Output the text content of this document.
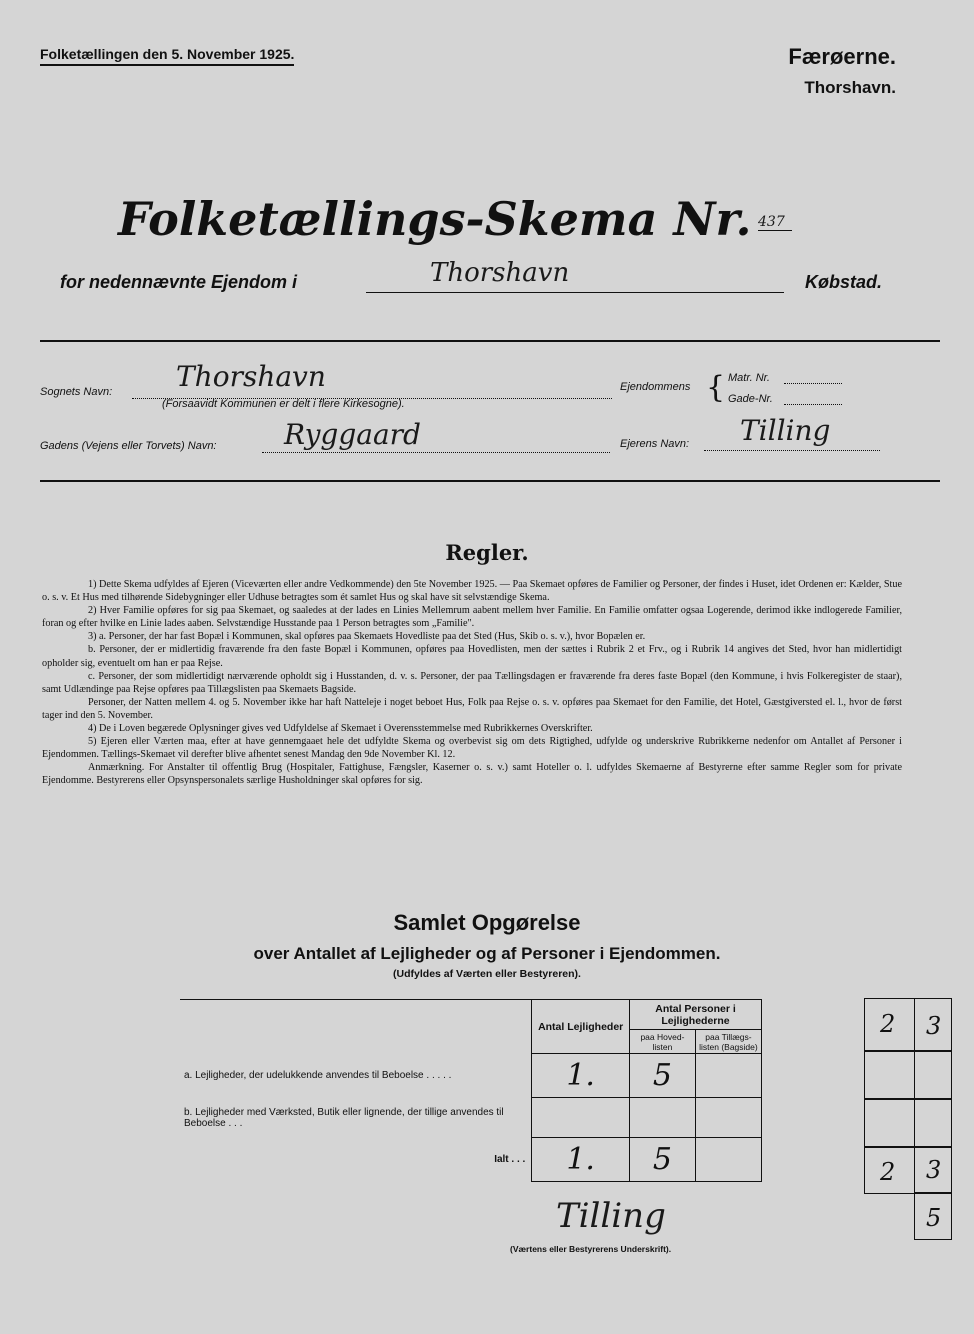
Folketællingen den 5. November 1925.	Færøerne.
Thorshavn.
Folketællings-Skema Nr. 437
for nedennævnte Ejendom i	Thorshavn	Købstad.
Sognets Navn: Thorshavn
(Forsaavidt Kommunen er delt i flere Kirkesogne).
Ejendommens { Matr. Nr.
Gade-Nr.
Gadens (Vejens eller Torvets) Navn: Ryggaard	Ejerens Navn: Tilling
Regler.

1) Dette Skema udfyldes af Ejeren (Viceværten eller andre Vedkommende) den 5te November 1925. — Paa Skemaet opføres de Familier og Personer, der findes i Huset, idet Ordenen er: Kælder, Stue o. s. v. Et Hus med tilhørende Sidebygninger eller Udhuse betragtes som ét samlet Hus og skal have sit selvstændige Skema.

2) Hver Familie opføres for sig paa Skemaet, og saaledes at der lades en Linies Mellemrum aabent mellem hver Familie. En Familie omfatter ogsaa Logerende, derimod ikke indlogerede Familier, foran og efter hvilke en Linie lades aaben. Selvstændige Husstande paa 1 Person betragtes som „Familie".

3) a. Personer, der har fast Bopæl i Kommunen, skal opføres paa Skemaets Hovedliste paa det Sted (Hus, Skib o. s. v.), hvor Bopælen er.

b. Personer, der er midlertidig fraværende fra den faste Bopæl i Kommunen, opføres paa Hovedlisten, men der sættes i Rubrik 2 et Frv., og i Rubrik 14 angives det Sted, hvor han midlertidigt opholder sig, eventuelt om han er paa Rejse.

c. Personer, der som midlertidigt nærværende opholdt sig i Husstanden, d. v. s. Personer, der paa Tællingsdagen er fraværende fra deres faste Bopæl (den Kommune, i hvis Folkeregister de staar), samt Udlændinge paa Rejse opføres paa Tillægslisten paa Skemaets Bagside.

Personer, der Natten mellem 4. og 5. November ikke har haft Natteleje i noget beboet Hus, Folk paa Rejse o. s. v. opføres paa Skemaet for den Familie, det Hotel, Gæstgiversted el. l., hvor de først tager ind den 5. November.

4) De i Loven begærede Oplysninger gives ved Udfyldelse af Skemaet i Overensstemmelse med Rubrikkernes Overskrifter.

5) Ejeren eller Værten maa, efter at have gennemgaaet hele det udfyldte Skema og overbevist sig om dets Rigtighed, udfylde og underskrive Rubrikkerne nedenfor om Antallet af Personer i Ejendommen. Tællings-Skemaet vil derefter blive afhentet senest Mandag den 9de November Kl. 12.

Anmærkning. For Anstalter til offentlig Brug (Hospitaler, Fattighuse, Fængsler, Kaserner o. s. v.) samt Hoteller o. l. udfyldes Skemaerne af Bestyrerne efter samme Regler som for private Ejendomme. Bestyrerens eller Opsynspersonalets særlige Husholdninger skal opføres for sig.

Samlet Opgørelse
over Antallet af Lejligheder og af Personer i Ejendommen.
(Udfyldes af Værten eller Bestyreren).
	Antal Lejligheder	Antal Personer i Lejlighederne	
		paa Hoved-listen	paa Tillægs-listen (Bagside)
a. Lejligheder, der udelukkende anvendes til Beboelse . . . . .	1.	5	
b. Lejligheder med Værksted, Butik eller lignende, der tillige anvendes til Beboelse . . .			
Ialt . . .	1.	5	
Tilling
(Værtens eller Bestyrerens Underskrift).
2 3
2 3
5
